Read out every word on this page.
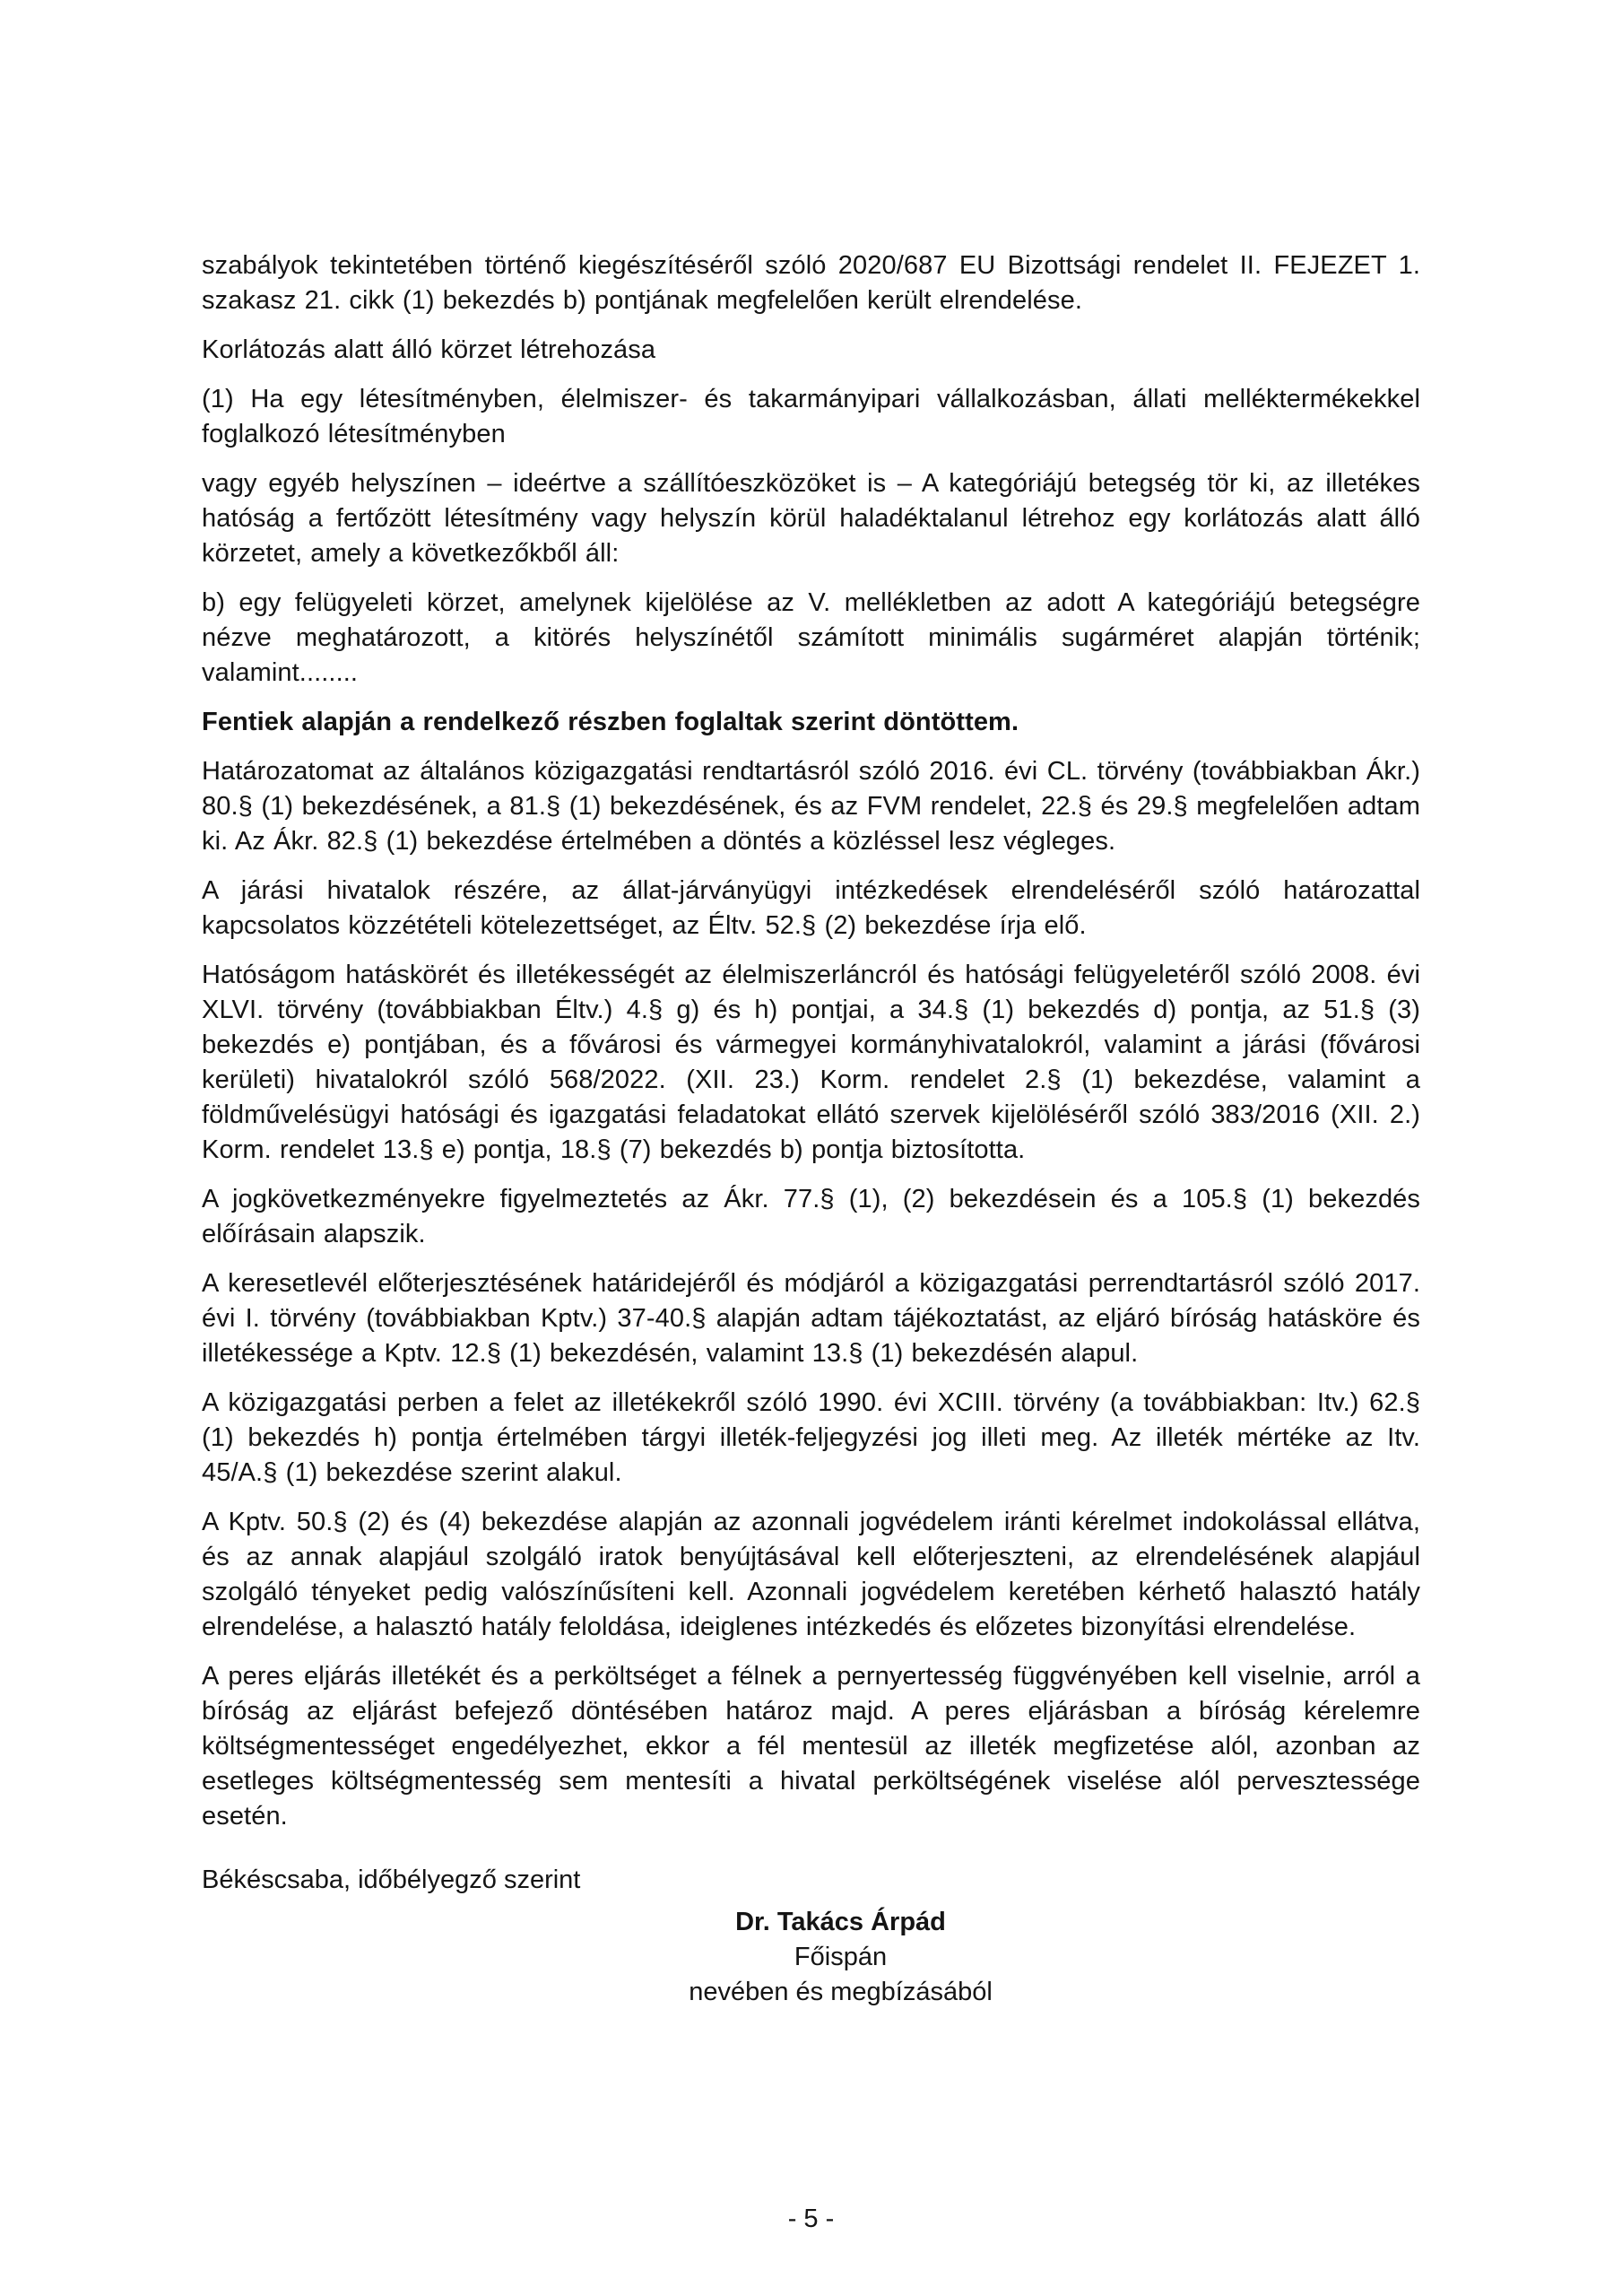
szabályok tekintetében történő kiegészítéséről szóló 2020/687 EU Bizottsági rendelet II. FEJEZET 1. szakasz 21. cikk (1) bekezdés b) pontjának megfelelően került elrendelése.

Korlátozás alatt álló körzet létrehozása

(1) Ha egy létesítményben, élelmiszer- és takarmányipari vállalkozásban, állati melléktermékekkel foglalkozó létesítményben

vagy egyéb helyszínen – ideértve a szállítóeszközöket is – A kategóriájú betegség tör ki, az illetékes hatóság a fertőzött létesítmény vagy helyszín körül haladéktalanul létrehoz egy korlátozás alatt álló körzetet, amely a következőkből áll:

b) egy felügyeleti körzet, amelynek kijelölése az V. mellékletben az adott A kategóriájú betegségre nézve meghatározott, a kitörés helyszínétől számított minimális sugárméret alapján történik; valamint........

Fentiek alapján a rendelkező részben foglaltak szerint döntöttem.

Határozatomat az általános közigazgatási rendtartásról szóló 2016. évi CL. törvény (továbbiakban Ákr.) 80.§ (1) bekezdésének, a 81.§ (1) bekezdésének, és az FVM rendelet, 22.§ és 29.§ megfelelően adtam ki. Az Ákr. 82.§ (1) bekezdése értelmében a döntés a közléssel lesz végleges.

A járási hivatalok részére, az állat-járványügyi intézkedések elrendeléséről szóló határozattal kapcsolatos közzétételi kötelezettséget, az Éltv. 52.§ (2) bekezdése írja elő.

Hatóságom hatáskörét és illetékességét az élelmiszerláncról és hatósági felügyeletéről szóló 2008. évi XLVI. törvény (továbbiakban Éltv.) 4.§ g) és h) pontjai, a 34.§ (1) bekezdés d) pontja, az 51.§ (3) bekezdés e) pontjában, és a fővárosi és vármegyei kormányhivatalokról, valamint a járási (fővárosi kerületi) hivatalokról szóló 568/2022. (XII. 23.) Korm. rendelet 2.§ (1) bekezdése, valamint a földművelésügyi hatósági és igazgatási feladatokat ellátó szervek kijelöléséről szóló 383/2016 (XII. 2.) Korm. rendelet 13.§ e) pontja, 18.§ (7) bekezdés b) pontja biztosította.

A jogkövetkezményekre figyelmeztetés az Ákr. 77.§ (1), (2) bekezdésein és a 105.§ (1) bekezdés előírásain alapszik.

A keresetlevél előterjesztésének határidejéről és módjáról a közigazgatási perrendtartásról szóló 2017. évi I. törvény (továbbiakban Kptv.) 37-40.§ alapján adtam tájékoztatást, az eljáró bíróság hatásköre és illetékessége a Kptv. 12.§ (1) bekezdésén, valamint 13.§ (1) bekezdésén alapul.

A közigazgatási perben a felet az illetékekről szóló 1990. évi XCIII. törvény (a továbbiakban: Itv.) 62.§ (1) bekezdés h) pontja értelmében tárgyi illeték-feljegyzési jog illeti meg. Az illeték mértéke az Itv. 45/A.§ (1) bekezdése szerint alakul.

A Kptv. 50.§ (2) és (4) bekezdése alapján az azonnali jogvédelem iránti kérelmet indokolással ellátva, és az annak alapjául szolgáló iratok benyújtásával kell előterjeszteni, az elrendelésének alapjául szolgáló tényeket pedig valószínűsíteni kell. Azonnali jogvédelem keretében kérhető halasztó hatály elrendelése, a halasztó hatály feloldása, ideiglenes intézkedés és előzetes bizonyítási elrendelése.

A peres eljárás illetékét és a perköltséget a félnek a pernyertesség függvényében kell viselnie, arról a bíróság az eljárást befejező döntésében határoz majd. A peres eljárásban a bíróság kérelemre költségmentességet engedélyezhet, ekkor a fél mentesül az illeték megfizetése alól, azonban az esetleges költségmentesség sem mentesíti a hivatal perköltségének viselése alól pervesztessége esetén.

Békéscsaba, időbélyegző szerint

Dr. Takács Árpád
Főispán
nevében és megbízásából
- 5 -
